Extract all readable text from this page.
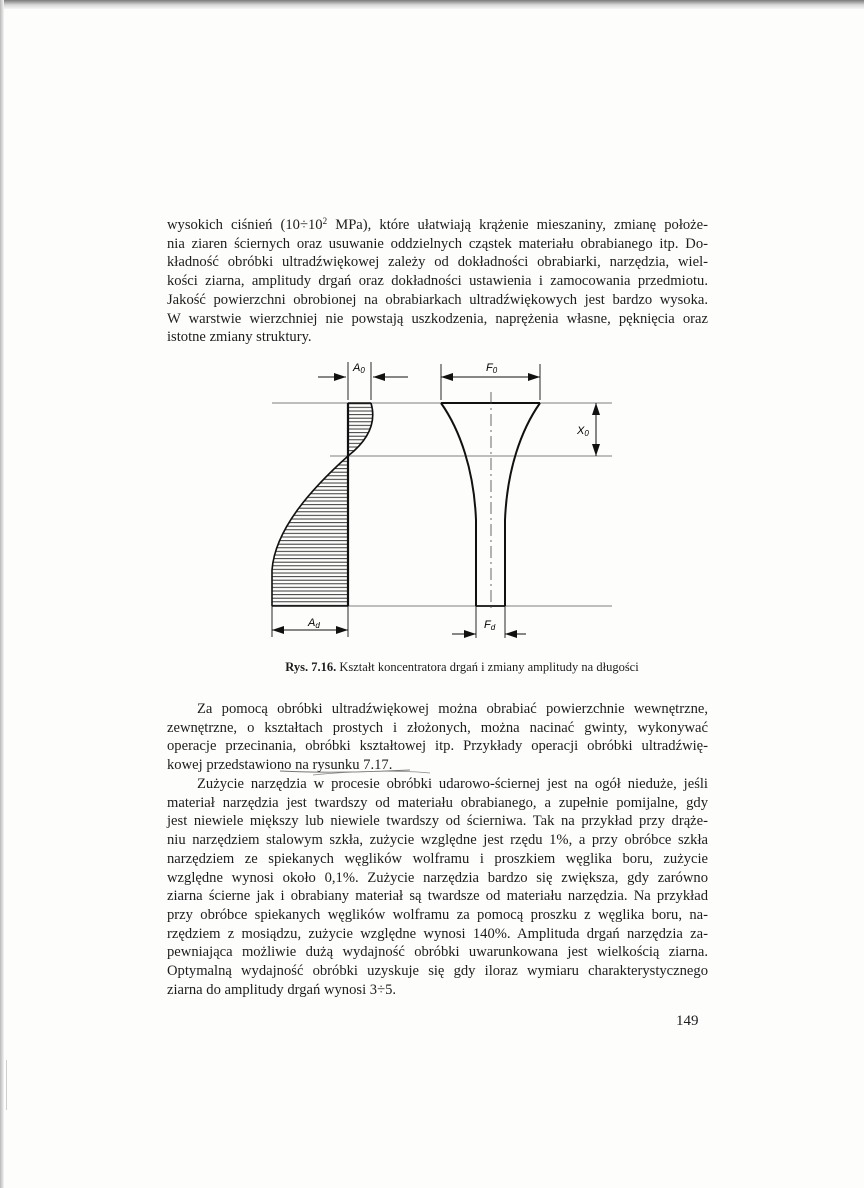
wysokich ciśnień ($10\div 10^2$ MPa), które ułatwiają krążenie mieszaniny, zmianę położe-
nia ziaren ściernych oraz usuwanie oddzielnych cząstek materiału obrabianego itp. Do-
kładność obróbki ultradźwiękowej zależy od dokładności obrabiarki, narzędzia, wiel-
kości ziarna, amplitudy drgań oraz dokładności ustawienia i zamocowania przedmiotu.
Jakość powierzchni obrobionej na obrabiarkach ultradźwiękowych jest bardzo wysoka.
W warstwie wierzchniej nie powstają uszkodzenia, naprężenia własne, pęknięcia oraz
istotne zmiany struktury.

A0
Ad
F0
X0
Fd

Rys. 7.16. Kształt koncentratora drgań i zmiany amplitudy na długości

Za pomocą obróbki ultradźwiękowej można obrabiać powierzchnie wewnętrzne,
zewnętrzne, o kształtach prostych i złożonych, można nacinać gwinty, wykonywać
operacje przecinania, obróbki kształtowej itp. Przykłady operacji obróbki ultradźwię-
kowej przedstawiono na rysunku 7.17.

Zużycie narzędzia w procesie obróbki udarowo-ściernej jest na ogół nieduże, jeśli
materiał narzędzia jest twardszy od materiału obrabianego, a zupełnie pomijalne, gdy
jest niewiele miększy lub niewiele twardszy od ścierniwa. Tak na przykład przy drąże-
niu narzędziem stalowym szkła, zużycie względne jest rzędu 1%, a przy obróbce szkła
narzędziem ze spiekanych węglików wolframu i proszkiem węglika boru, zużycie
względne wynosi około 0,1%. Zużycie narzędzia bardzo się zwiększa, gdy zarówno
ziarna ścierne jak i obrabiany materiał są twardsze od materiału narzędzia. Na przykład
przy obróbce spiekanych węglików wolframu za pomocą proszku z węglika boru, na-
rzędziem z mosiądzu, zużycie względne wynosi 140%. Amplituda drgań narzędzia za-
pewniająca możliwie dużą wydajność obróbki uwarunkowana jest wielkością ziarna.
Optymalną wydajność obróbki uzyskuje się gdy iloraz wymiaru charakterystycznego
ziarna do amplitudy drgań wynosi 3÷5.

149
